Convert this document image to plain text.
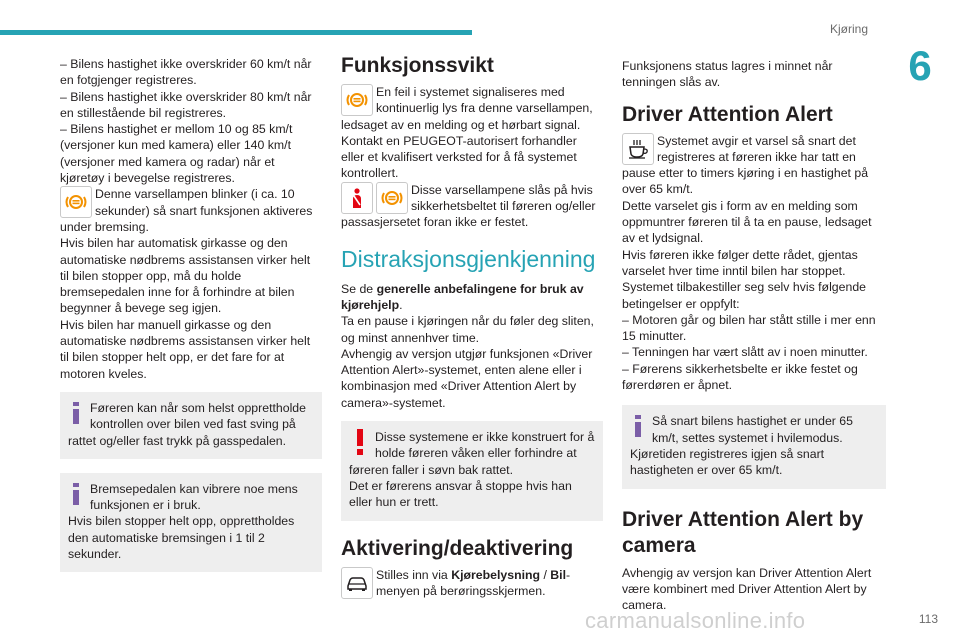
Kjøring
6

– Bilens hastighet ikke overskrider 60 km/t når en fotgjenger registreres.

– Bilens hastighet ikke overskrider 80 km/t når en stillestående bil registreres.

– Bilens hastighet er mellom 10 og 85 km/t (versjoner kun med kamera) eller 140 km/t (versjoner med kamera og radar) når et kjøretøy i bevegelse registreres.

Denne varsellampen blinker (i ca. 10 sekunder) så snart funksjonen aktiveres under bremsing.

Hvis bilen har automatisk girkasse og den automatiske nødbrems assistansen virker helt til bilen stopper opp, må du holde bremsepedalen inne for å forhindre at bilen begynner å bevege seg igjen.

Hvis bilen har manuell girkasse og den automatiske nødbrems assistansen virker helt til bilen stopper helt opp, er det fare for at motoren kveles.

Føreren kan når som helst opprettholde kontrollen over bilen ved fast sving på rattet og/eller fast trykk på gasspedalen.

Bremsepedalen kan vibrere noe mens funksjonen er i bruk.

Hvis bilen stopper helt opp, opprettholdes den automatiske bremsingen i 1 til 2 sekunder.

Funksjonssvikt

En feil i systemet signaliseres med kontinuerlig lys fra denne varsellampen, ledsaget av en melding og et hørbart signal.

Kontakt en PEUGEOT-autorisert forhandler eller et kvalifisert verksted for å få systemet kontrollert.

Disse varsellampene slås på hvis sikkerhetsbeltet til føreren og/eller passasjersetet foran ikke er festet.

Distraksjonsgjenkjenning

Se de generelle anbefalingene for bruk av kjørehjelp.

Ta en pause i kjøringen når du føler deg sliten, og minst annenhver time.

Avhengig av versjon utgjør funksjonen «Driver Attention Alert»-systemet, enten alene eller i kombinasjon med «Driver Attention Alert by camera»-systemet.

Disse systemene er ikke konstruert for å holde føreren våken eller forhindre at føreren faller i søvn bak rattet.

Det er førerens ansvar å stoppe hvis han eller hun er trett.

Aktivering/deaktivering

Stilles inn via Kjørebelysning / Bil-menyen på berøringsskjermen.

Funksjonens status lagres i minnet når tenningen slås av.

Driver Attention Alert

Systemet avgir et varsel så snart det registreres at føreren ikke har tatt en pause etter to timers kjøring i en hastighet på over 65 km/t.

Dette varselet gis i form av en melding som oppmuntrer føreren til å ta en pause, ledsaget av et lydsignal.

Hvis føreren ikke følger dette rådet, gjentas varselet hver time inntil bilen har stoppet.

Systemet tilbakestiller seg selv hvis følgende betingelser er oppfylt:

– Motoren går og bilen har stått stille i mer enn 15 minutter.

– Tenningen har vært slått av i noen minutter.

– Førerens sikkerhetsbelte er ikke festet og førerdøren er åpnet.

Så snart bilens hastighet er under 65 km/t, settes systemet i hvilemodus.

Kjøretiden registreres igjen så snart hastigheten er over 65 km/t.

Driver Attention Alert by camera

Avhengig av versjon kan Driver Attention Alert være kombinert med Driver Attention Alert by camera.

carmanualsonline.info	113
